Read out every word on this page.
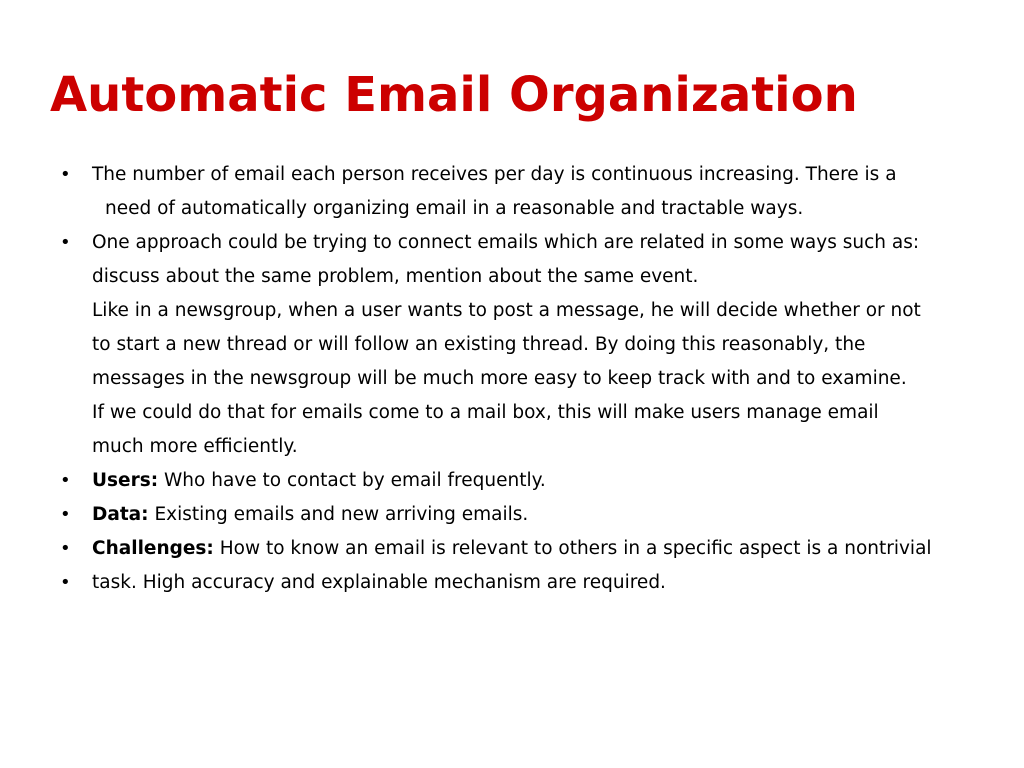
Automatic Email Organization
• The number of email each person receives per day is continuous increasing. There is a
need of automatically organizing email in a reasonable and tractable ways.
• One approach could be trying to connect emails which are related in some ways such as:
discuss about the same problem, mention about the same event.
Like in a newsgroup, when a user wants to post a message, he will decide whether or not
to start a new thread or will follow an existing thread. By doing this reasonably, the
messages in the newsgroup will be much more easy to keep track with and to examine.
If we could do that for emails come to a mail box, this will make users manage email
much more efficiently.
• Users: Who have to contact by email frequently.
• Data: Existing emails and new arriving emails.
• Challenges: How to know an email is relevant to others in a specific aspect is a nontrivial
• task. High accuracy and explainable mechanism are required.
